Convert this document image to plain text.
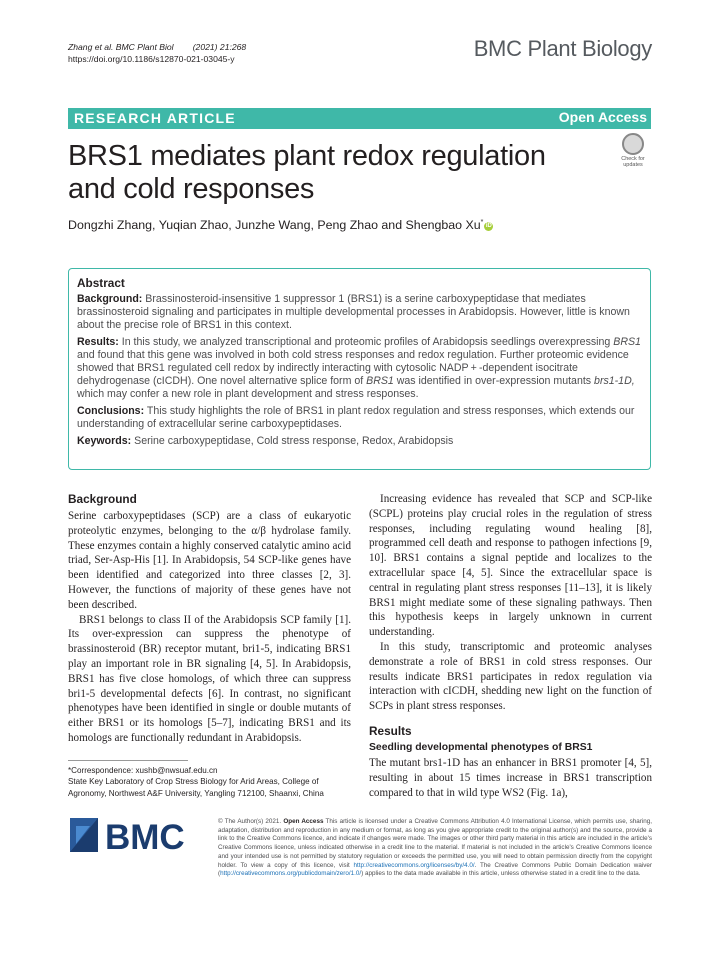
Zhang et al. BMC Plant Biol (2021) 21:268
https://doi.org/10.1186/s12870-021-03045-y	BMC Plant Biology
RESEARCH ARTICLE	Open Access
Check for
updates
BRS1 mediates plant redox regulation and cold responses
Dongzhi Zhang, Yuqian Zhao, Junzhe Wang, Peng Zhao and Shengbao Xu*iD
Abstract

Background: Brassinosteroid-insensitive 1 suppressor 1 (BRS1) is a serine carboxypeptidase that mediates brassinosteroid signaling and participates in multiple developmental processes in Arabidopsis. However, little is known about the precise role of BRS1 in this context.

Results: In this study, we analyzed transcriptional and proteomic profiles of Arabidopsis seedlings overexpressing BRS1 and found that this gene was involved in both cold stress responses and redox regulation. Further proteomic evidence showed that BRS1 regulated cell redox by indirectly interacting with cytosolic NADP + -dependent isocitrate dehydrogenase (cICDH). One novel alternative splice form of BRS1 was identified in over-expression mutants brs1-1D, which may confer a new role in plant development and stress responses.

Conclusions: This study highlights the role of BRS1 in plant redox regulation and stress responses, which extends our understanding of extracellular serine carboxypeptidases.

Keywords: Serine carboxypeptidase, Cold stress response, Redox, Arabidopsis

Background

Serine carboxypeptidases (SCP) are a class of eukaryotic proteolytic enzymes, belonging to the α/β hydrolase family. These enzymes contain a highly conserved catalytic amino acid triad, Ser-Asp-His [1]. In Arabidopsis, 54 SCP-like genes have been identified and categorized into three classes [2, 3]. However, the functions of majority of these genes have not been described.

BRS1 belongs to class II of the Arabidopsis SCP family [1]. Its over-expression can suppress the phenotype of brassinosteroid (BR) receptor mutant, bri1-5, indicating BRS1 play an important role in BR signaling [4, 5]. In Arabidopsis, BRS1 has five close homologs, of which three can suppress bri1-5 developmental defects [6]. In contrast, no significant phenotypes have been identified in single or double mutants of either BRS1 or its homologs [5–7], indicating BRS1 and its homologs are functionally redundant in Arabidopsis.

Increasing evidence has revealed that SCP and SCP-like (SCPL) proteins play crucial roles in the regulation of stress responses, including regulating wound healing [8], programmed cell death and response to pathogen infections [9, 10]. BRS1 contains a signal peptide and localizes to the extracellular space [4, 5]. Since the extracellular space is central in regulating plant stress responses [11–13], it is likely BRS1 might mediate some of these signaling pathways. Then this hypothesis keeps in largely unknown in current understanding.

In this study, transcriptomic and proteomic analyses demonstrate a role of BRS1 in cold stress responses. Our results indicate BRS1 participates in redox regulation via interaction with cICDH, shedding new light on the function of SCPs in plant stress responses.

Results
Seedling developmental phenotypes of BRS1

The mutant brs1-1D has an enhancer in BRS1 promoter [4, 5], resulting in about 15 times increase in BRS1 transcription compared to that in wild type WS2 (Fig. 1a),

*Correspondence: xushb@nwsuaf.edu.cn
State Key Laboratory of Crop Stress Biology for Arid Areas, College of Agronomy, Northwest A&F University, Yangling 712100, Shaanxi, China
BMC	© The Author(s) 2021. Open Access This article is licensed under a Creative Commons Attribution 4.0 International License, which permits use, sharing, adaptation, distribution and reproduction in any medium or format, as long as you give appropriate credit to the original author(s) and the source, provide a link to the Creative Commons licence, and indicate if changes were made. The images or other third party material in this article are included in the article's Creative Commons licence, unless indicated otherwise in a credit line to the material. If material is not included in the article's Creative Commons licence and your intended use is not permitted by statutory regulation or exceeds the permitted use, you will need to obtain permission directly from the copyright holder. To view a copy of this licence, visit http://creativecommons.org/licenses/by/4.0/. The Creative Commons Public Domain Dedication waiver (http://creativecommons.org/publicdomain/zero/1.0/) applies to the data made available in this article, unless otherwise stated in a credit line to the data.
